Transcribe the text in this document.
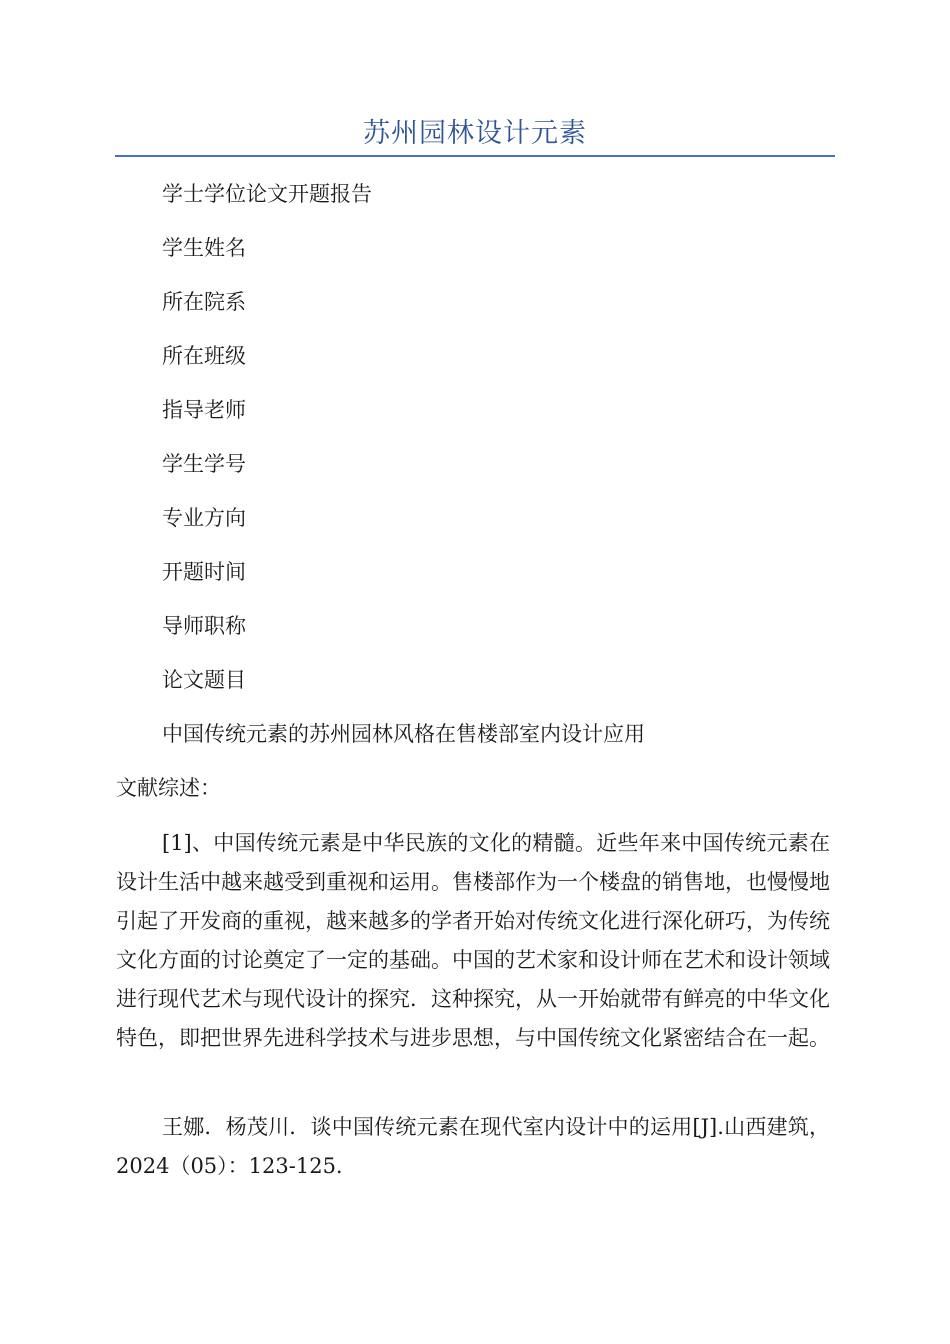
苏州园林设计元素
学士学位论文开题报告
学生姓名
所在院系
所在班级
指导老师
学生学号
专业方向
开题时间
导师职称
论文题目
中国传统元素的苏州园林风格在售楼部室内设计应用
文献综述：
[1]、中国传统元素是中华民族的文化的精髓。近些年来中国传统元素在设计生活中越来越受到重视和运用。售楼部作为一个楼盘的销售地，也慢慢地引起了开发商的重视，越来越多的学者开始对传统文化进行深化研巧，为传统文化方面的讨论奠定了一定的基础。中国的艺术家和设计师在艺术和设计领域进行现代艺术与现代设计的探究．这种探究，从一开始就带有鲜亮的中华文化特色，即把世界先进科学技术与进步思想，与中国传统文化紧密结合在一起。
王娜．杨茂川．谈中国传统元素在现代室内设计中的运用[J].山西建筑，2024（05）：123-125.
